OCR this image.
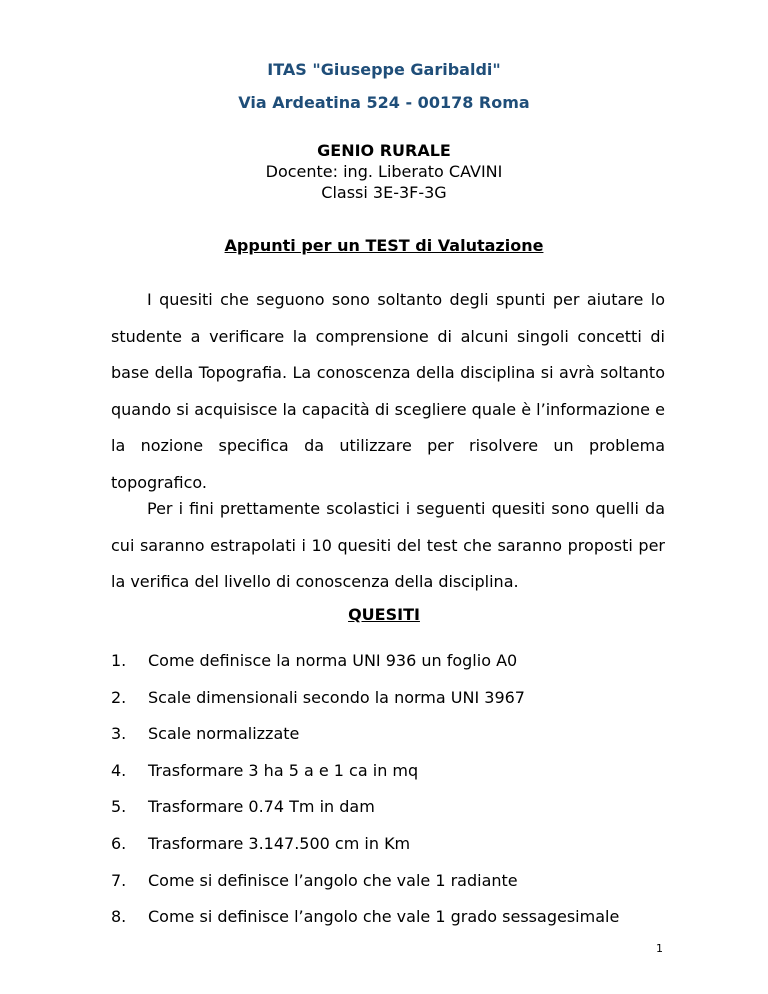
ITAS "Giuseppe Garibaldi"
Via Ardeatina 524 - 00178 Roma
GENIO RURALE
Docente: ing. Liberato CAVINI
Classi 3E-3F-3G
Appunti per un TEST di Valutazione

I quesiti che seguono sono soltanto degli spunti per aiutare lo studente a verificare la comprensione di alcuni singoli concetti di base della Topografia. La conoscenza della disciplina si avrà soltanto quando si acquisisce la capacità di scegliere quale è l’informazione e la nozione specifica da utilizzare per risolvere un problema topografico.

Per i fini prettamente scolastici i seguenti quesiti sono quelli da cui saranno estrapolati i 10 quesiti del test che saranno proposti per la verifica del livello di conoscenza della disciplina.

QUESITI
1. Come definisce la norma UNI 936 un foglio A0
2. Scale dimensionali secondo la norma UNI 3967
3. Scale normalizzate
4. Trasformare 3 ha 5 a e 1 ca in mq
5. Trasformare 0.74 Tm in dam
6. Trasformare 3.147.500 cm in Km
7. Come si definisce l’angolo che vale 1 radiante
8. Come si definisce l’angolo che vale 1 grado sessagesimale
1
